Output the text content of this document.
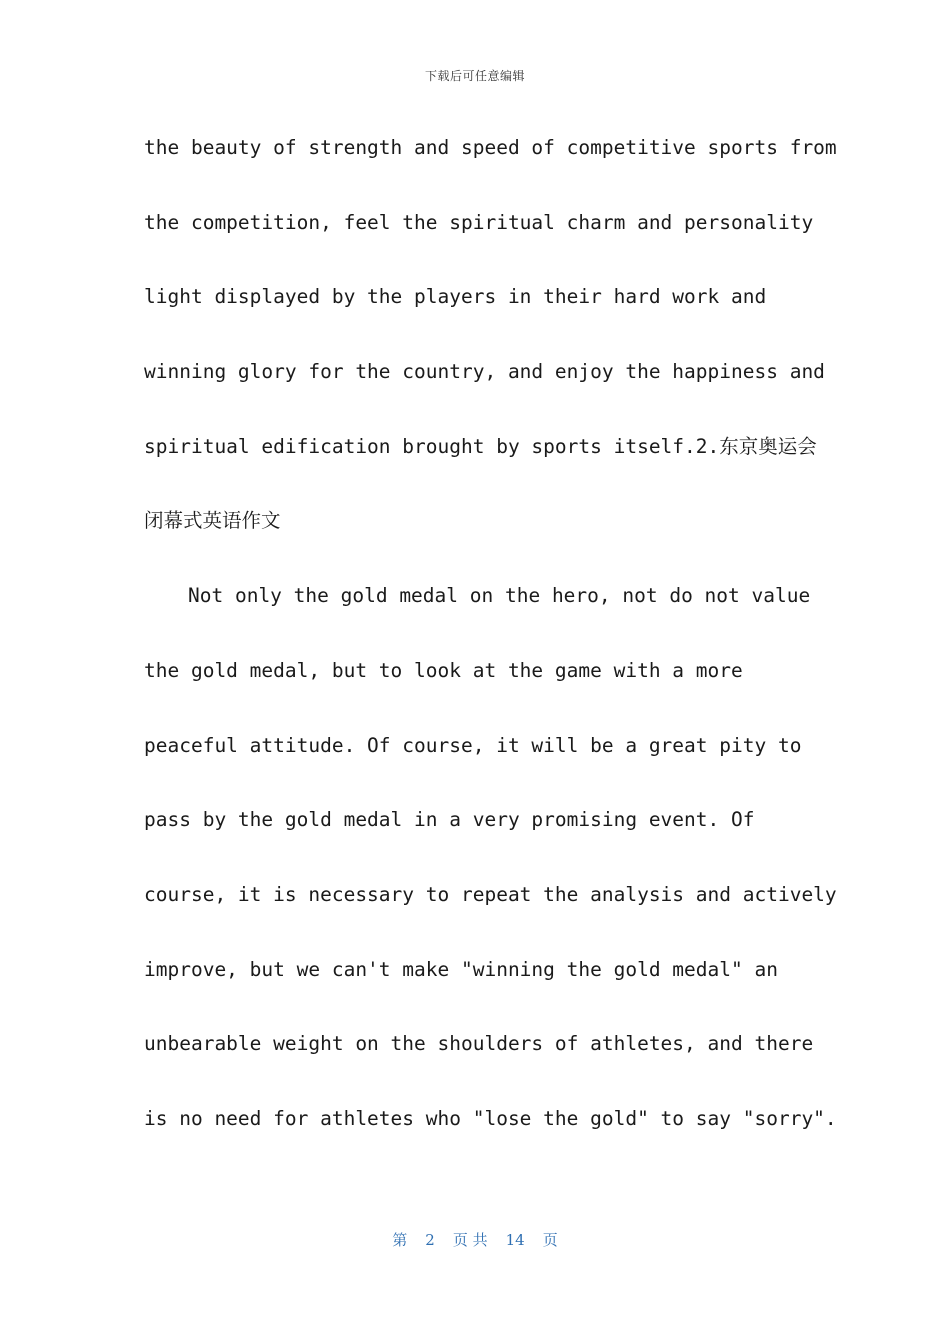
下载后可任意编辑
the beauty of strength and speed of competitive sports from
the competition, feel the spiritual charm and personality
light displayed by the players in their hard work and
winning glory for the country, and enjoy the happiness and
spiritual edification brought by sports itself.2.东京奥运会
闭幕式英语作文
Not only the gold medal on the hero, not do not value
the gold medal, but to look at the game with a more
peaceful attitude. Of course, it will be a great pity to
pass by the gold medal in a very promising event. Of
course, it is necessary to repeat the analysis and actively
improve, but we can't make "winning the gold medal" an
unbearable weight on the shoulders of athletes, and there
is no need for athletes who "lose the gold" to say "sorry".
第 2 页 共 14 页
